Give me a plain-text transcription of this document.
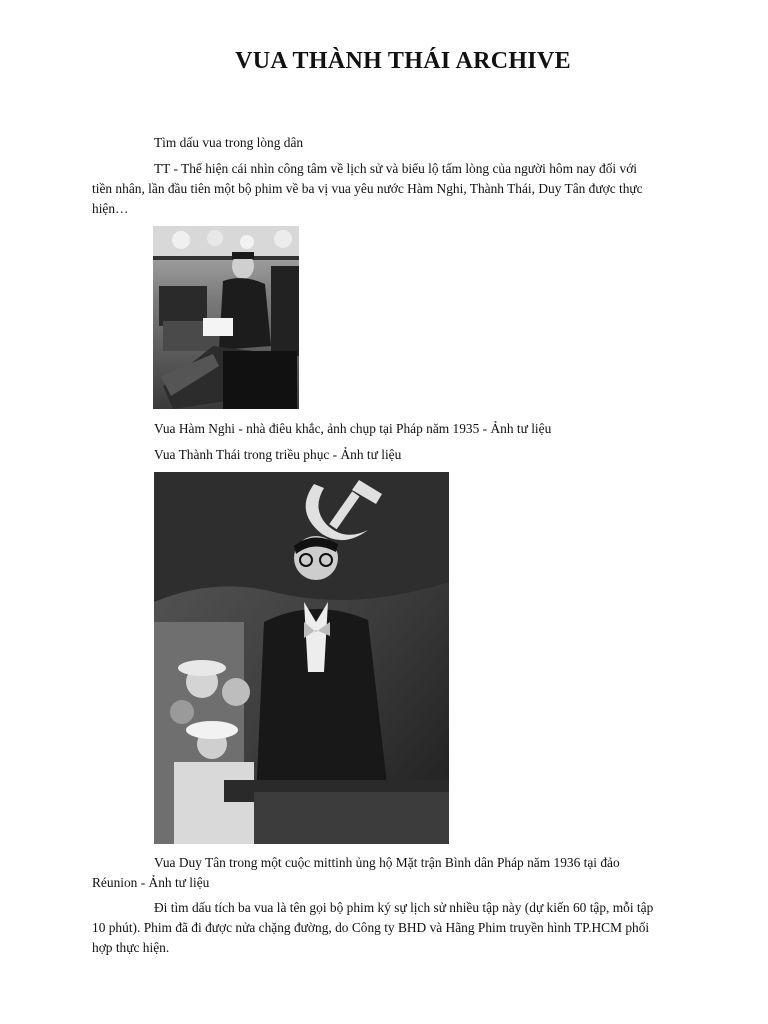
VUA THÀNH THÁI ARCHIVE

Tìm dấu vua trong lòng dân

TT - Thể hiện cái nhìn công tâm về lịch sử và biểu lộ tấm lòng của người hôm nay đối với tiền nhân, lần đầu tiên một bộ phim về ba vị vua yêu nước Hàm Nghi, Thành Thái, Duy Tân được thực hiện…

Vua Hàm Nghi - nhà điêu khắc, ảnh chụp tại Pháp năm 1935 - Ảnh tư liệu

Vua Thành Thái trong triều phục - Ảnh tư liệu

Vua Duy Tân trong một cuộc mittinh ủng hộ Mặt trận Bình dân Pháp năm 1936 tại đảo Réunion - Ảnh tư liệu

Đi tìm dấu tích ba vua là tên gọi bộ phim ký sự lịch sử nhiều tập này (dự kiến 60 tập, mỗi tập 10 phút). Phim đã đi được nửa chặng đường, do Công ty BHD và Hãng Phim truyền hình TP.HCM phối hợp thực hiện.
